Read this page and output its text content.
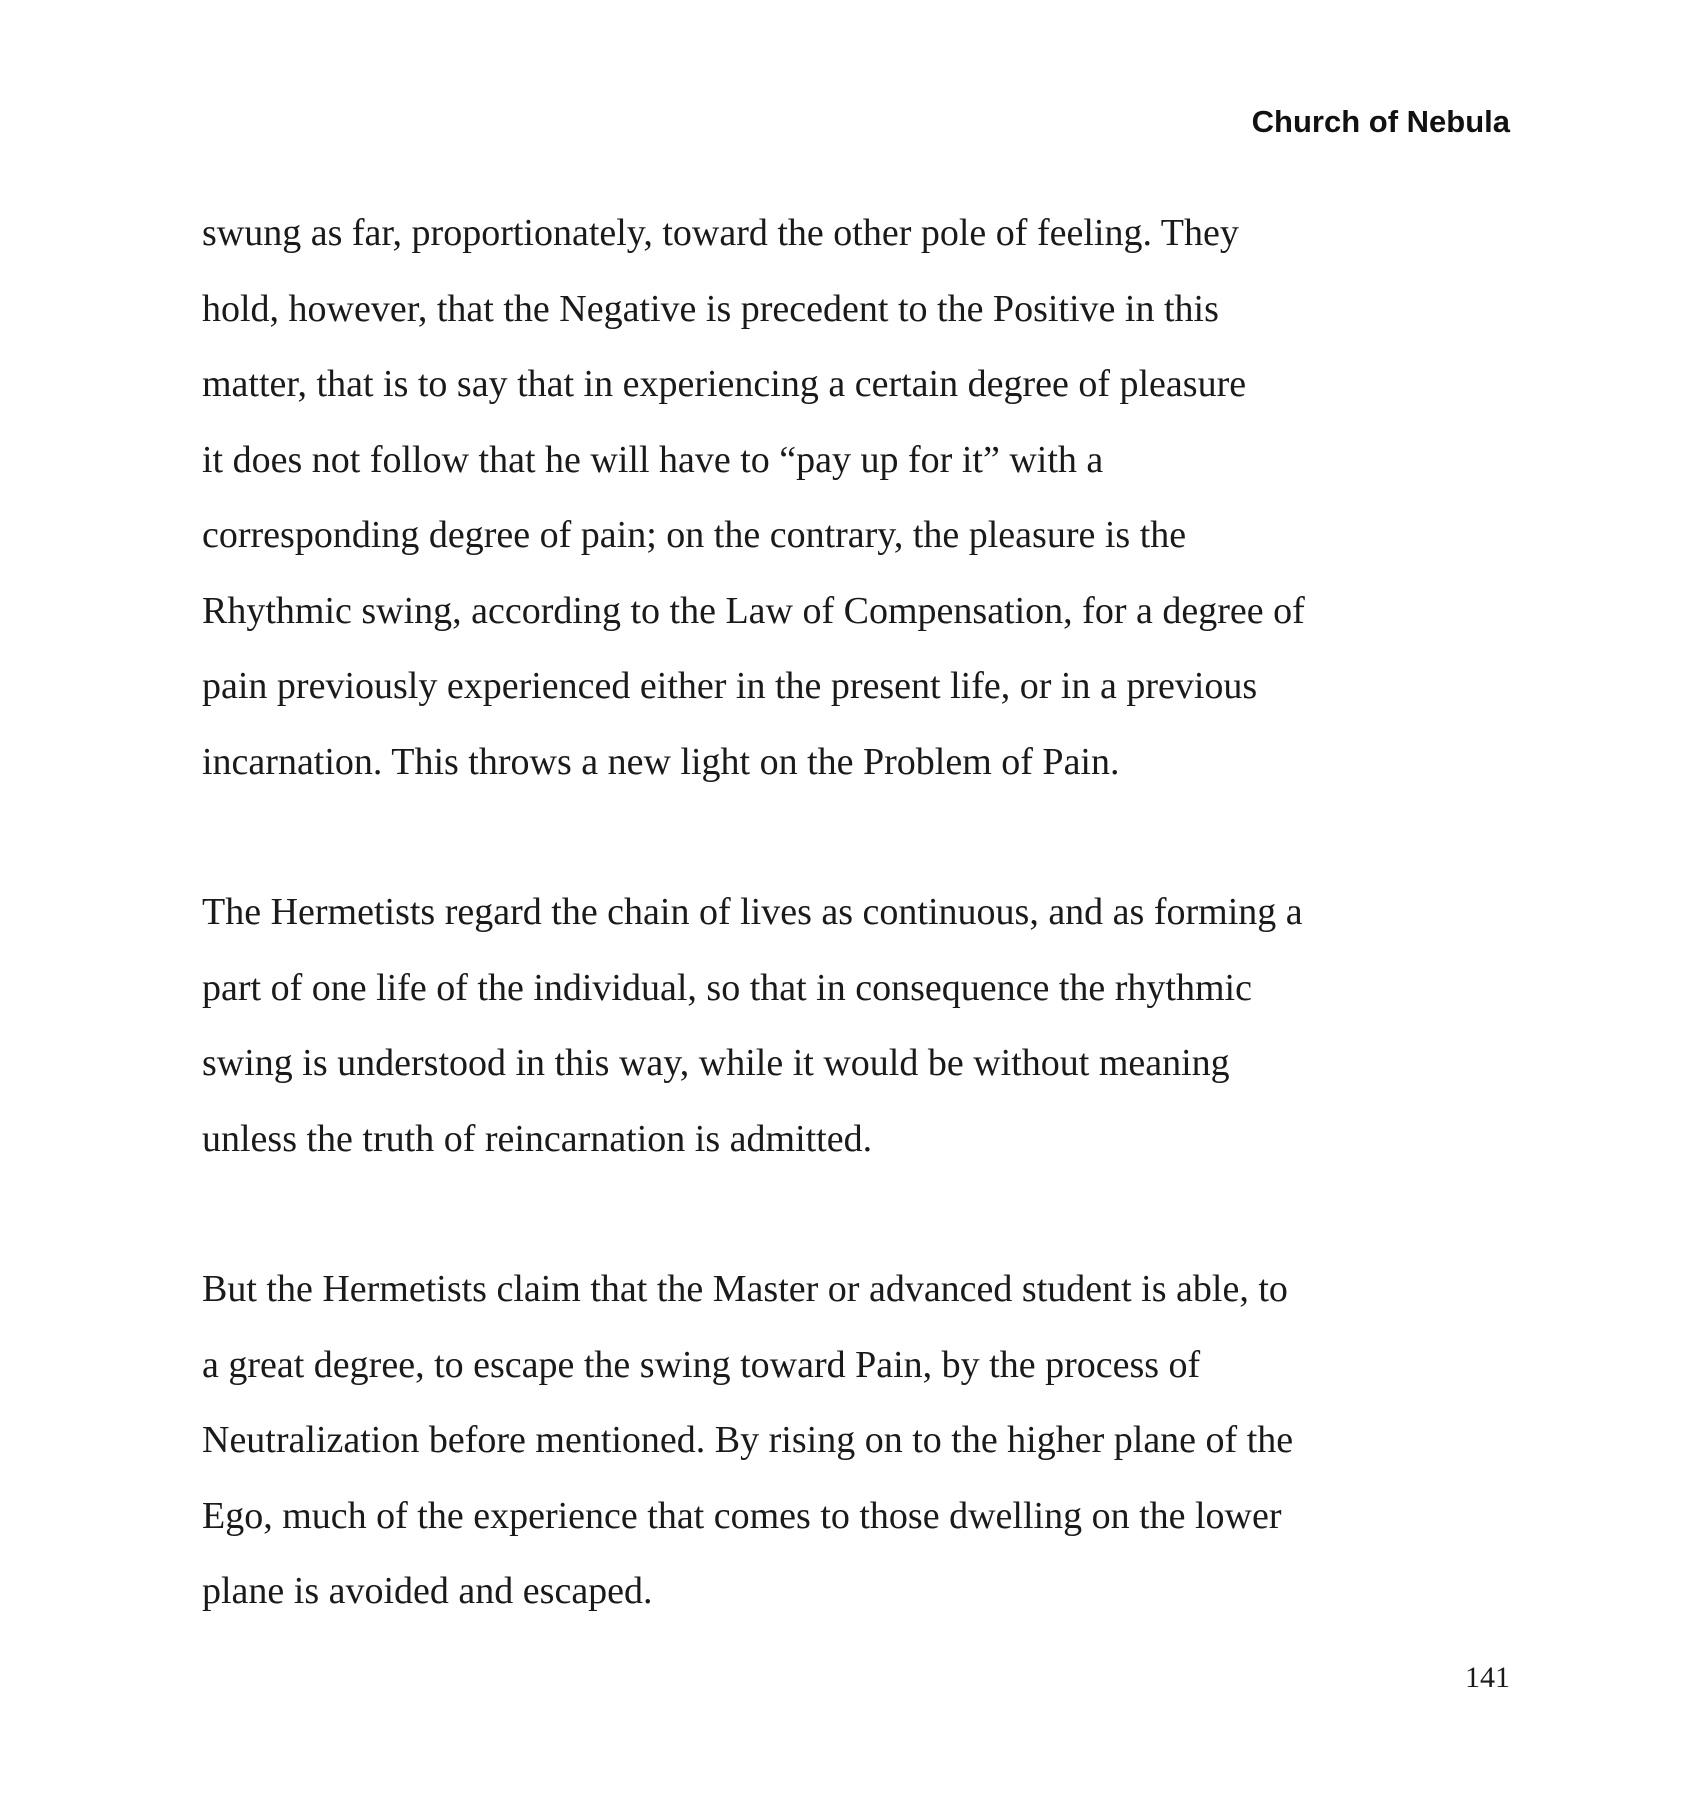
Church of Nebula

swung as far, proportionately, toward the other pole of feeling. They
hold, however, that the Negative is precedent to the Positive in this
matter, that is to say that in experiencing a certain degree of pleasure
it does not follow that he will have to “pay up for it” with a
corresponding degree of pain; on the contrary, the pleasure is the
Rhythmic swing, according to the Law of Compensation, for a degree of
pain previously experienced either in the present life, or in a previous
incarnation. This throws a new light on the Problem of Pain.

The Hermetists regard the chain of lives as continuous, and as forming a
part of one life of the individual, so that in consequence the rhythmic
swing is understood in this way, while it would be without meaning
unless the truth of reincarnation is admitted.

But the Hermetists claim that the Master or advanced student is able, to
a great degree, to escape the swing toward Pain, by the process of
Neutralization before mentioned. By rising on to the higher plane of the
Ego, much of the experience that comes to those dwelling on the lower
plane is avoided and escaped.

141
